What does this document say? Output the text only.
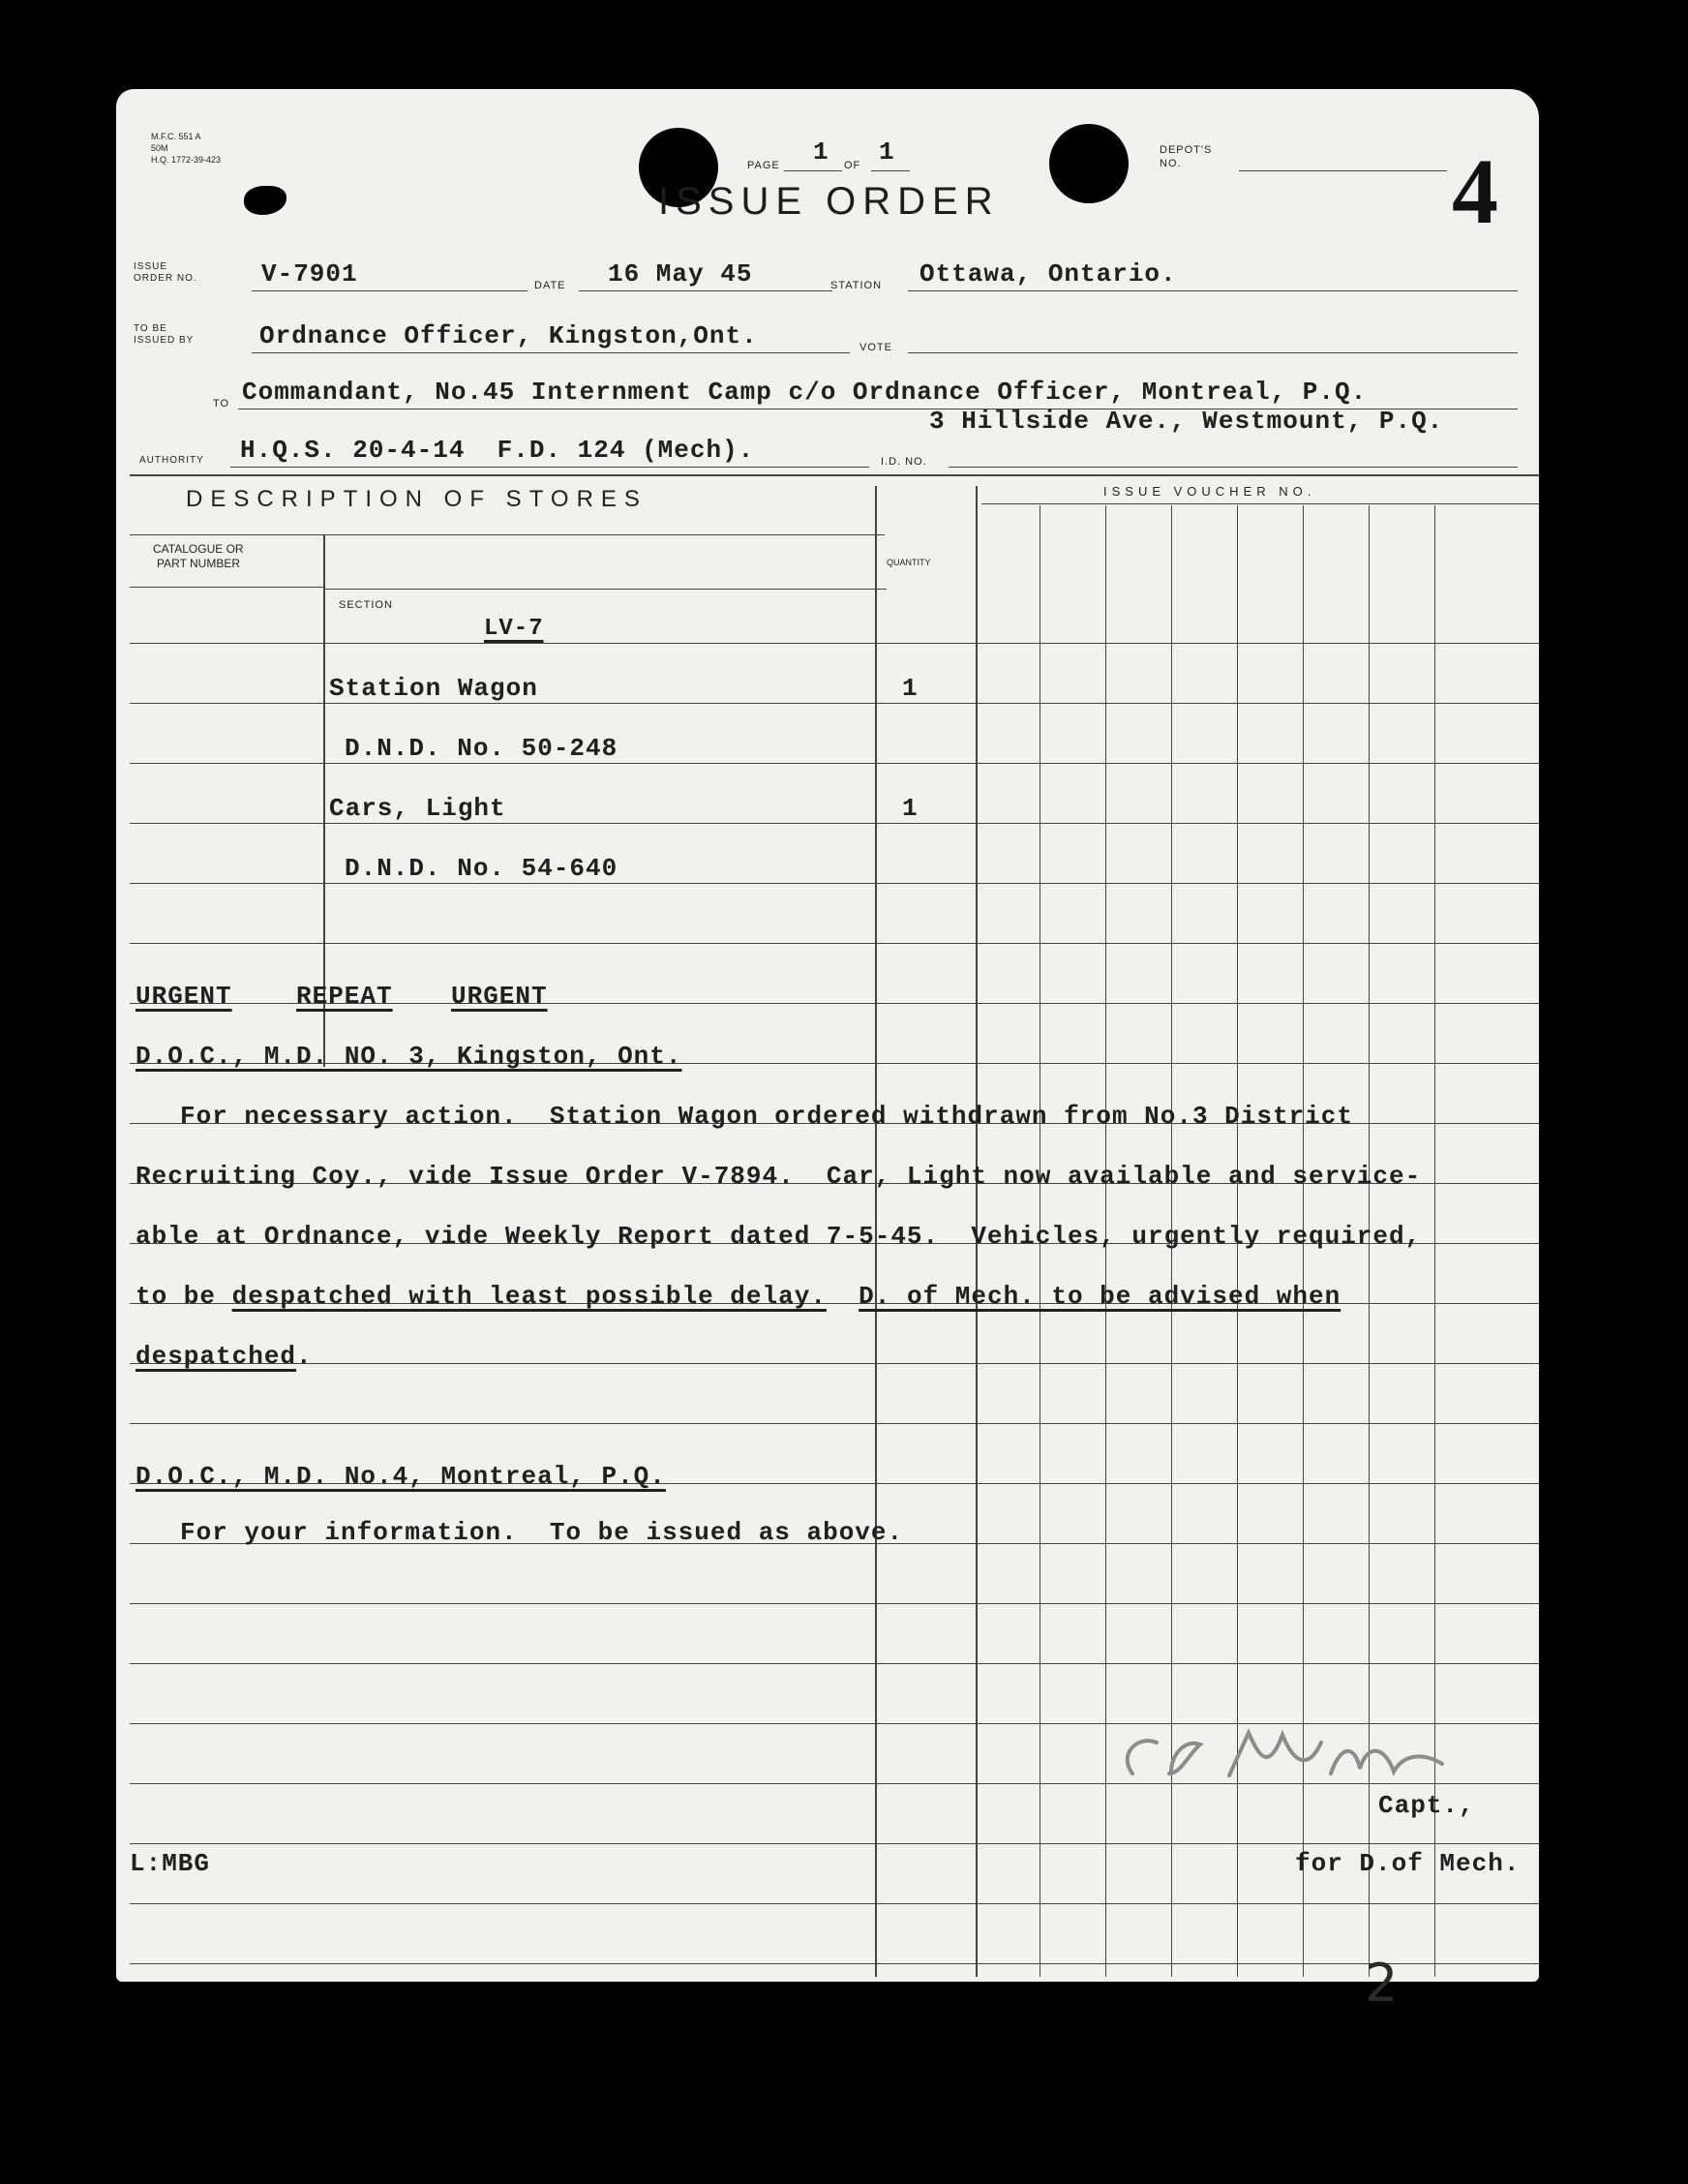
M.F.C. 551 A
50M
H.Q. 1772-39-423	PAGE 1 OF 1
ISSUE ORDER
DEPOT'S
NO.	4
ISSUE
ORDER NO.	V-7901	DATE 16 May 45	STATION Ottawa, Ontario.
TO BE
ISSUED BY	Ordnance Officer, Kingston,Ont.	VOTE
TO Commandant, No.45 Internment Camp c/o Ordnance Officer, Montreal, P.Q.
3 Hillside Ave., Westmount, P.Q.
AUTHORITY H.Q.S. 20-4-14  F.D. 124 (Mech).	I.D. NO.
DESCRIPTION OF STORES	ISSUE VOUCHER NO.
CATALOGUE OR
PART NUMBER	QUANTITY
SECTION
LV-7
Station Wagon	1
D.N.D. No. 50-248
Cars, Light	1
D.N.D. No. 54-640
URGENT	REPEAT URGENT
D.O.C., M.D. NO. 3, Kingston, Ont.
For necessary action.  Station Wagon ordered withdrawn from No.3 District
Recruiting Coy., vide Issue Order V-7894.  Car, Light now available and service-
able at Ordnance, vide Weekly Report dated 7-5-45.  Vehicles, urgently required,
to be despatched with least possible delay. D. of Mech. to be advised when
despatched.
D.O.C., M.D. No.4, Montreal, P.Q.
For your information.  To be issued as above.
Capt.,
for D.of Mech.
L:MBG
2
